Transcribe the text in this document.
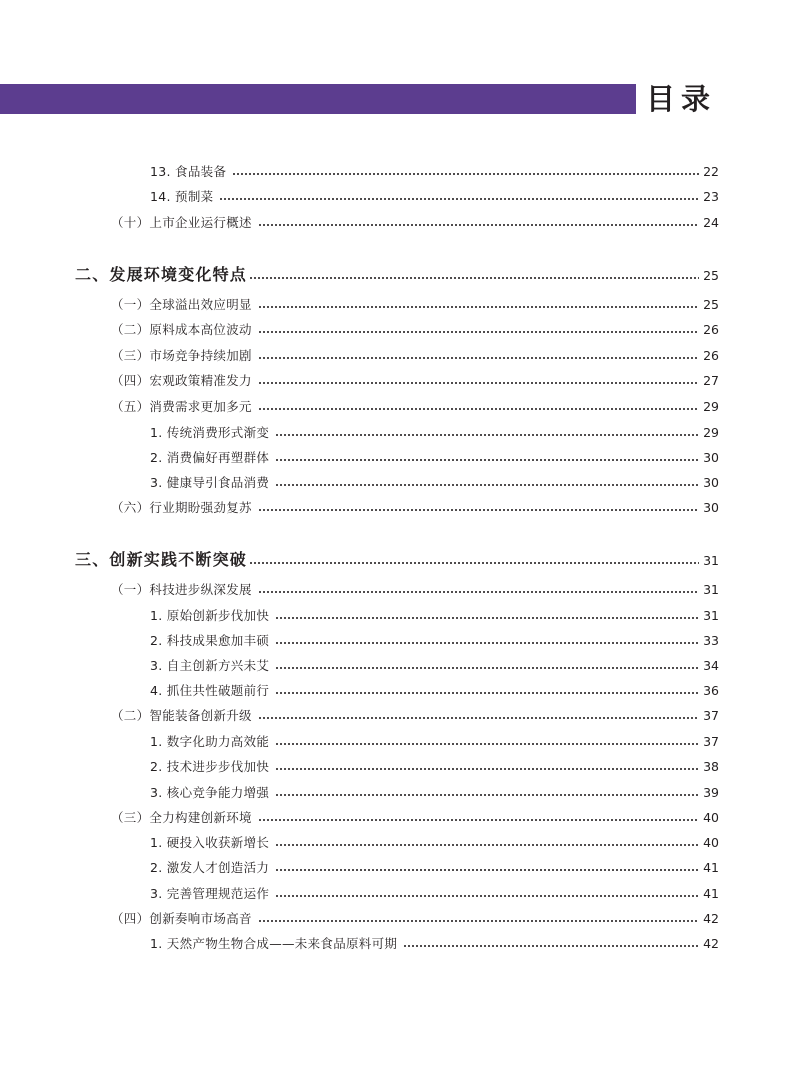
目录
13. 食品装备	22
14. 预制菜	23
（十）上市企业运行概述	24
二、发展环境变化特点	25
（一）全球溢出效应明显	25
（二）原料成本高位波动	26
（三）市场竞争持续加剧	26
（四）宏观政策精准发力	27
（五）消费需求更加多元	29
1. 传统消费形式渐变	29
2. 消费偏好再塑群体	30
3. 健康导引食品消费	30
（六）行业期盼强劲复苏	30
三、创新实践不断突破	31
（一）科技进步纵深发展	31
1. 原始创新步伐加快	31
2. 科技成果愈加丰硕	33
3. 自主创新方兴未艾	34
4. 抓住共性破题前行	36
（二）智能装备创新升级	37
1. 数字化助力高效能	37
2. 技术进步步伐加快	38
3. 核心竞争能力增强	39
（三）全力构建创新环境	40
1. 硬投入收获新增长	40
2. 激发人才创造活力	41
3. 完善管理规范运作	41
（四）创新奏响市场高音	42
1. 天然产物生物合成——未来食品原料可期	42
